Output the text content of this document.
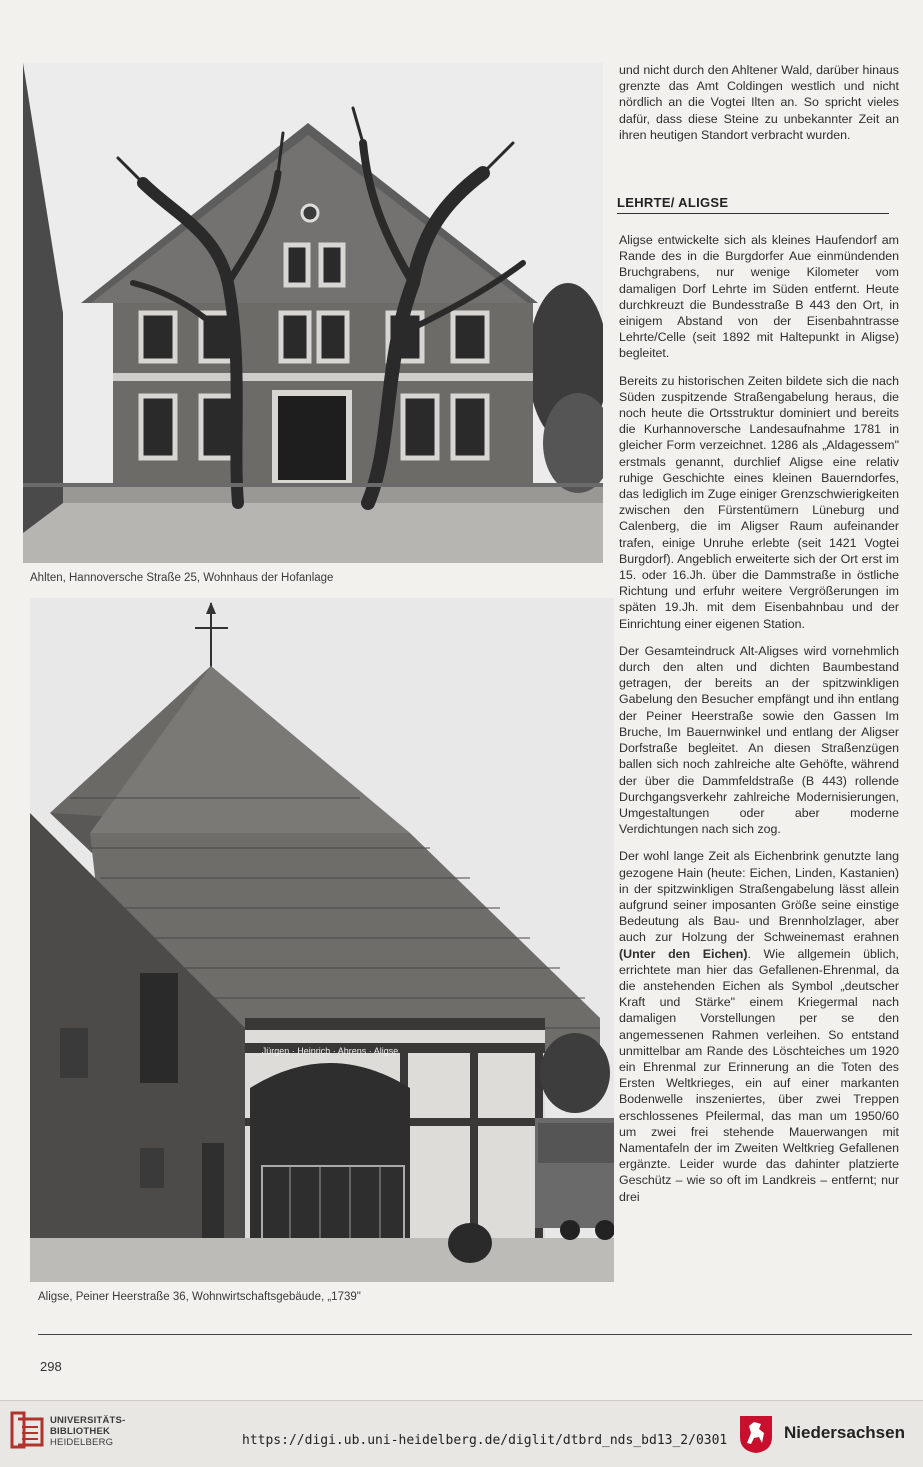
Ahlten, Hannoversche Straße 25, Wohnhaus der Hofanlage
Jürgen · Heinrich · Ahrens · Aligse
Aligse, Peiner Heerstraße 36, Wohnwirtschaftsgebäude, „1739"

und nicht durch den Ahltener Wald, darüber hinaus grenzte das Amt Coldingen westlich und nicht nördlich an die Vogtei Ilten an. So spricht vieles dafür, dass diese Steine zu unbekannter Zeit an ihren heutigen Standort verbracht wurden.

LEHRTE/ ALIGSE

Aligse entwickelte sich als kleines Haufendorf am Rande des in die Burgdorfer Aue einmündenden Bruchgrabens, nur wenige Kilometer vom damaligen Dorf Lehrte im Süden entfernt. Heute durchkreuzt die Bundesstraße B 443 den Ort, in einigem Abstand von der Eisenbahntrasse Lehrte/Celle (seit 1892 mit Haltepunkt in Aligse) begleitet.

Bereits zu historischen Zeiten bildete sich die nach Süden zuspitzende Straßengabelung heraus, die noch heute die Ortsstruktur dominiert und bereits die Kurhannoversche Landesaufnahme 1781 in gleicher Form verzeichnet. 1286 als „Aldagessem" erstmals genannt, durchlief Aligse eine relativ ruhige Geschichte eines kleinen Bauerndorfes, das lediglich im Zuge einiger Grenzschwierigkeiten zwischen den Fürstentümern Lüneburg und Calenberg, die im Aligser Raum aufeinander trafen, einige Unruhe erlebte (seit 1421 Vogtei Burgdorf). Angeblich erweiterte sich der Ort erst im 15. oder 16.Jh. über die Dammstraße in östliche Richtung und erfuhr weitere Vergrößerungen im späten 19.Jh. mit dem Eisenbahnbau und der Einrichtung einer eigenen Station.

Der Gesamteindruck Alt-Aligses wird vornehmlich durch den alten und dichten Baumbestand getragen, der bereits an der spitzwinkligen Gabelung den Besucher empfängt und ihn entlang der Peiner Heerstraße sowie den Gassen Im Bruche, Im Bauernwinkel und entlang der Aligser Dorfstraße begleitet. An diesen Straßenzügen ballen sich noch zahlreiche alte Gehöfte, während der über die Dammfeldstraße (B 443) rollende Durchgangsverkehr zahlreiche Modernisierungen, Umgestaltungen oder aber moderne Verdichtungen nach sich zog.

Der wohl lange Zeit als Eichenbrink genutzte lang gezogene Hain (heute: Eichen, Linden, Kastanien) in der spitzwinkligen Straßengabelung lässt allein aufgrund seiner imposanten Größe seine einstige Bedeutung als Bau- und Brennholzlager, aber auch zur Holzung der Schweinemast erahnen (Unter den Eichen). Wie allgemein üblich, errichtete man hier das Gefallenen-Ehrenmal, da die anstehenden Eichen als Symbol „deutscher Kraft und Stärke" einem Kriegermal nach damaligen Vorstellungen per se den angemessenen Rahmen verleihen. So entstand unmittelbar am Rande des Löschteiches um 1920 ein Ehrenmal zur Erinnerung an die Toten des Ersten Weltkrieges, ein auf einer markanten Bodenwelle inszeniertes, über zwei Treppen erschlossenes Pfeilermal, das man um 1950/60 um zwei frei stehende Mauerwangen mit Namentafeln der im Zweiten Weltkrieg Gefallenen ergänzte. Leider wurde das dahinter platzierte Geschütz – wie so oft im Landkreis – entfernt; nur drei

298
UNIVERSITÄTS-
BIBLIOTHEK
HEIDELBERG	https://digi.ub.uni-heidelberg.de/diglit/dtbrd_nds_bd13_2/0301	Niedersachsen
